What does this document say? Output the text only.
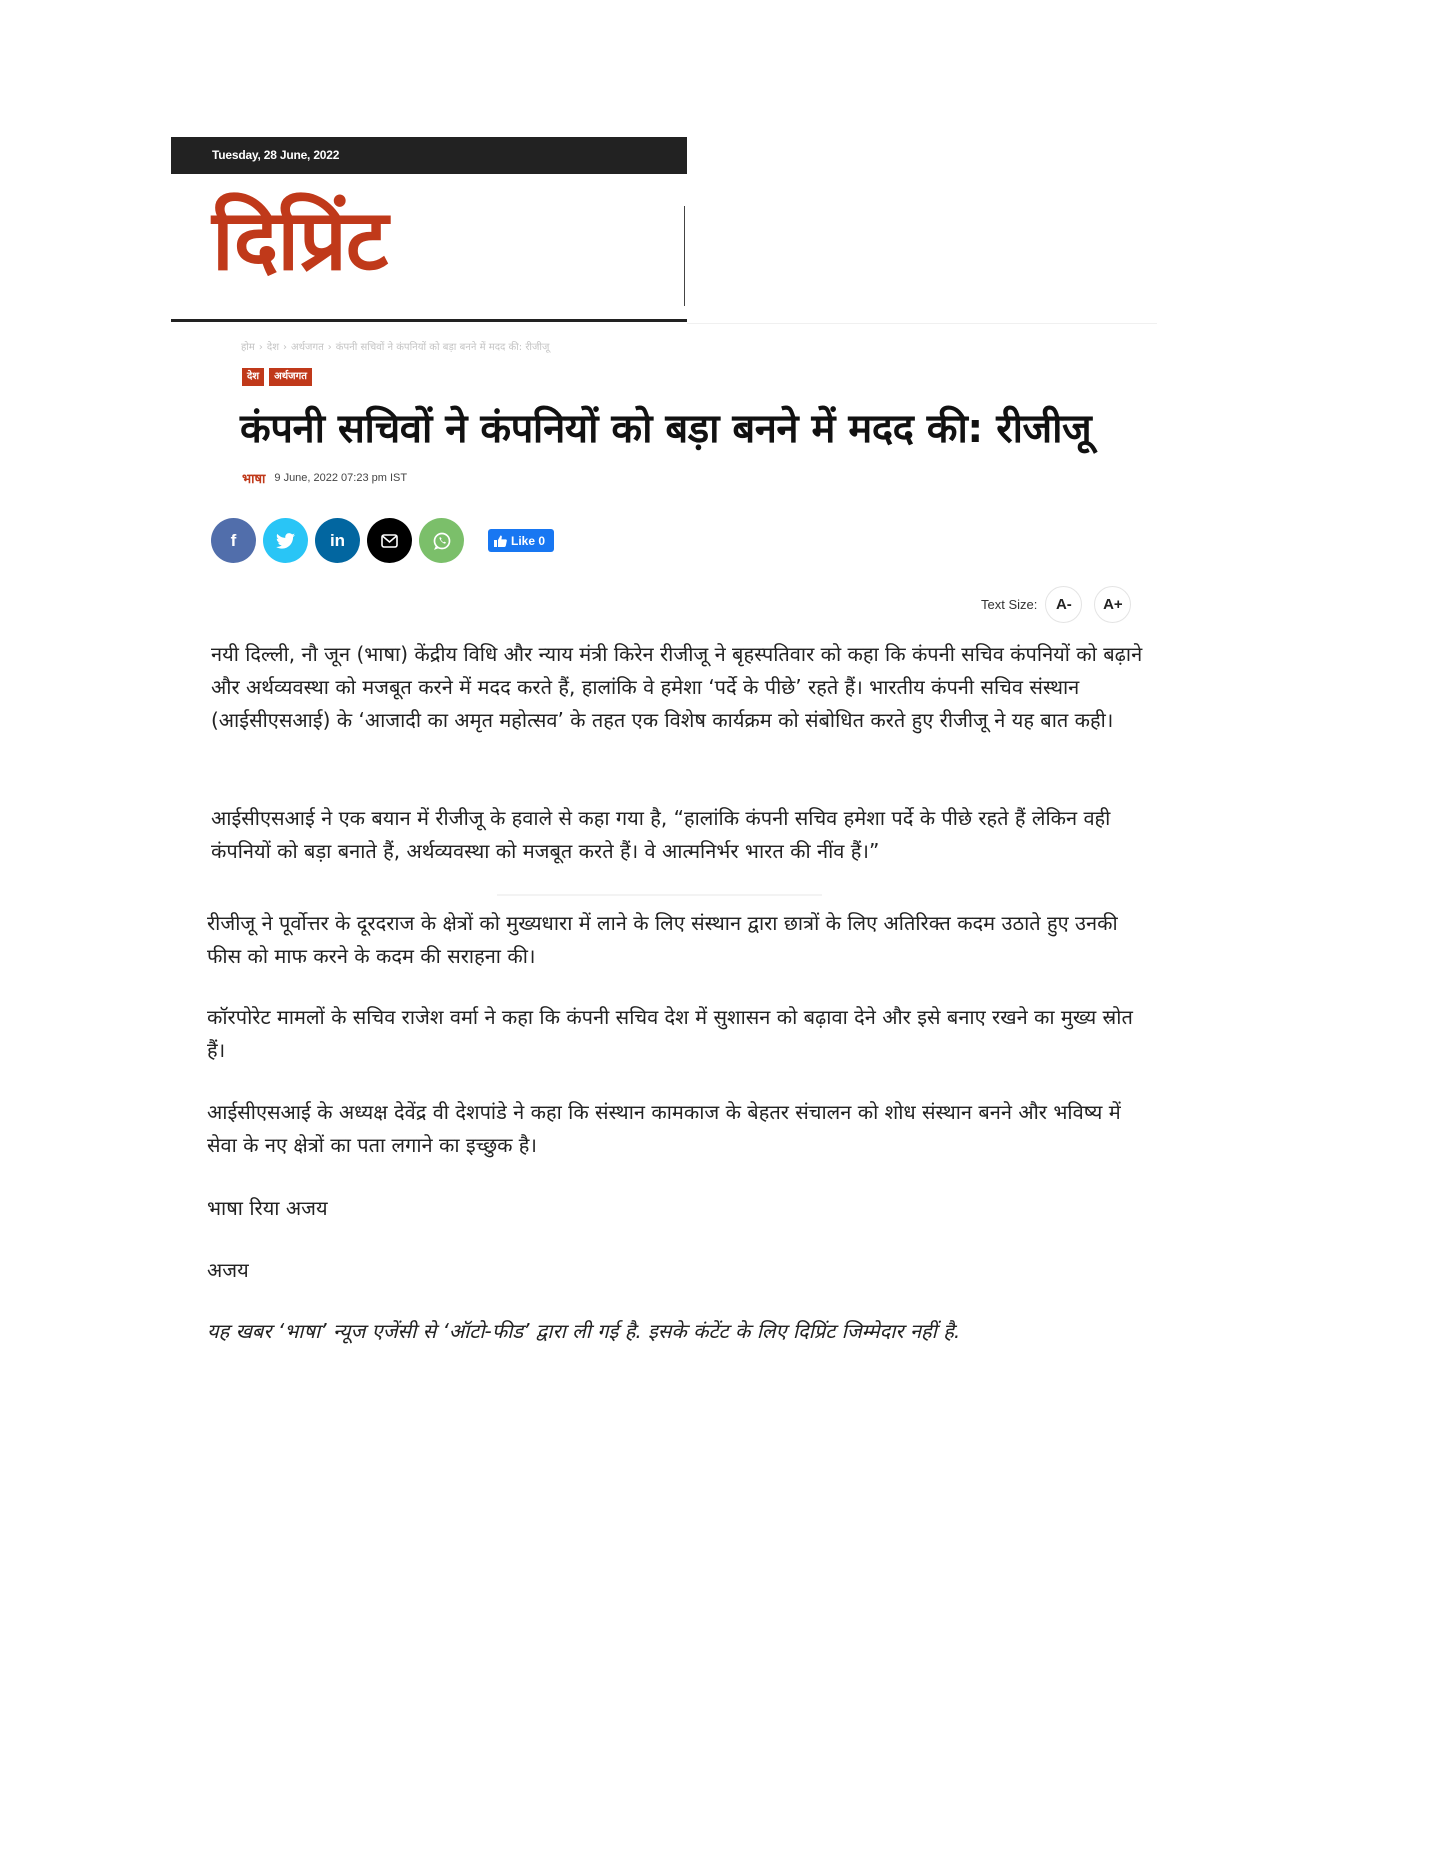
Tuesday, 28 June, 2022
दिप्रिंट
होम › देश › अर्थजगत › कंपनी सचिवों ने कंपनियों को बड़ा बनने में मदद की: रीजीजू
देश	अर्थजगत
कंपनी सचिवों ने कंपनियों को बड़ा बनने में मदद की: रीजीजू
भाषा 9 June, 2022 07:23 pm IST
f	in	Like 0
Text Size:	A-	A+

नयी दिल्ली, नौ जून (भाषा) केंद्रीय विधि और न्याय मंत्री किरेन रीजीजू ने बृहस्पतिवार को कहा कि कंपनी सचिव कंपनियों को बढ़ाने और अर्थव्यवस्था को मजबूत करने में मदद करते हैं, हालांकि वे हमेशा ‘पर्दे के पीछे’ रहते हैं। भारतीय कंपनी सचिव संस्थान (आईसीएसआई) के ‘आजादी का अमृत महोत्सव’ के तहत एक विशेष कार्यक्रम को संबोधित करते हुए रीजीजू ने यह बात कही।

आईसीएसआई ने एक बयान में रीजीजू के हवाले से कहा गया है, “हालांकि कंपनी सचिव हमेशा पर्दे के पीछे रहते हैं लेकिन वही कंपनियों को बड़ा बनाते हैं, अर्थव्यवस्था को मजबूत करते हैं। वे आत्मनिर्भर भारत की नींव हैं।”

रीजीजू ने पूर्वोत्तर के दूरदराज के क्षेत्रों को मुख्यधारा में लाने के लिए संस्थान द्वारा छात्रों के लिए अतिरिक्त कदम उठाते हुए उनकी फीस को माफ करने के कदम की सराहना की।

कॉरपोरेट मामलों के सचिव राजेश वर्मा ने कहा कि कंपनी सचिव देश में सुशासन को बढ़ावा देने और इसे बनाए रखने का मुख्य स्रोत हैं।

आईसीएसआई के अध्यक्ष देवेंद्र वी देशपांडे ने कहा कि संस्थान कामकाज के बेहतर संचालन को शोध संस्थान बनने और भविष्य में सेवा के नए क्षेत्रों का पता लगाने का इच्छुक है।

भाषा रिया अजय

अजय

यह खबर ‘भाषा’ न्यूज एजेंसी से ‘ऑटो-फीड’ द्वारा ली गई है. इसके कंटेंट के लिए दिप्रिंट जिम्मेदार नहीं है.
